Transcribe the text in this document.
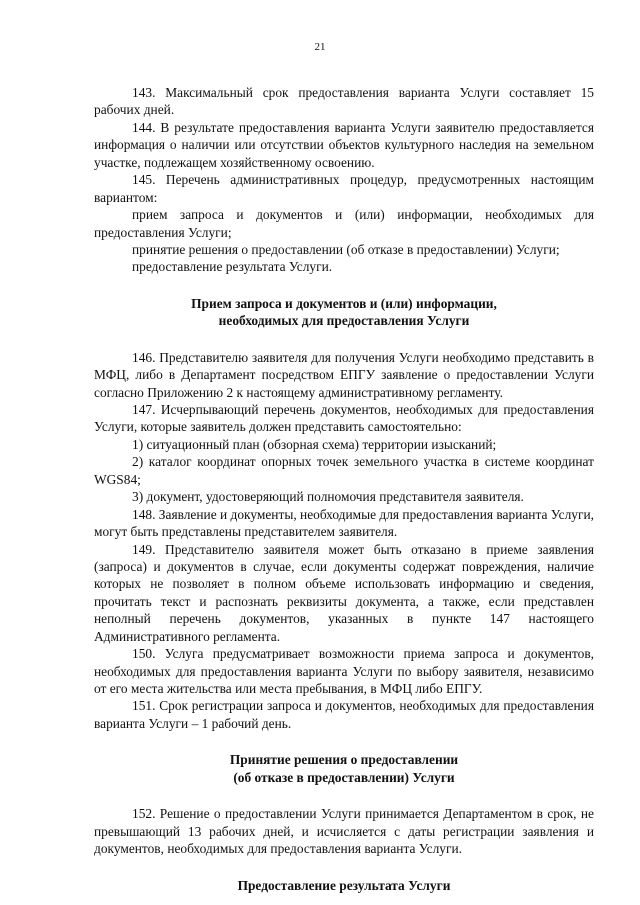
21

143. Максимальный срок предоставления варианта Услуги составляет 15 рабочих дней.

144. В результате предоставления варианта Услуги заявителю предоставляется информация о наличии или отсутствии объектов культурного наследия на земельном участке, подлежащем хозяйственному освоению.

145. Перечень административных процедур, предусмотренных настоящим вариантом:

прием запроса и документов и (или) информации, необходимых для предоставления Услуги;

принятие решения о предоставлении (об отказе в предоставлении) Услуги;

предоставление результата Услуги.

Прием запроса и документов и (или) информации,
необходимых для предоставления Услуги

146. Представителю заявителя для получения Услуги необходимо представить в МФЦ, либо в Департамент посредством ЕПГУ заявление о предоставлении Услуги согласно Приложению 2 к настоящему административному регламенту.

147. Исчерпывающий перечень документов, необходимых для предоставления Услуги, которые заявитель должен представить самостоятельно:

1) ситуационный план (обзорная схема) территории изысканий;

2) каталог координат опорных точек земельного участка в системе координат WGS84;

3) документ, удостоверяющий полномочия представителя заявителя.

148. Заявление и документы, необходимые для предоставления варианта Услуги, могут быть представлены представителем заявителя.

149. Представителю заявителя может быть отказано в приеме заявления (запроса) и документов в случае, если документы содержат повреждения, наличие которых не позволяет в полном объеме использовать информацию и сведения, прочитать текст и распознать реквизиты документа, а также, если представлен неполный перечень документов, указанных в пункте 147 настоящего Административного регламента.

150. Услуга предусматривает возможности приема запроса и документов, необходимых для предоставления варианта Услуги по выбору заявителя, независимо от его места жительства или места пребывания, в МФЦ либо ЕПГУ.

151. Срок регистрации запроса и документов, необходимых для предоставления варианта Услуги – 1 рабочий день.

Принятие решения о предоставлении
(об отказе в предоставлении) Услуги

152. Решение о предоставлении Услуги принимается Департаментом в срок, не превышающий 13 рабочих дней, и исчисляется с даты регистрации заявления и документов, необходимых для предоставления варианта Услуги.

Предоставление результата Услуги
